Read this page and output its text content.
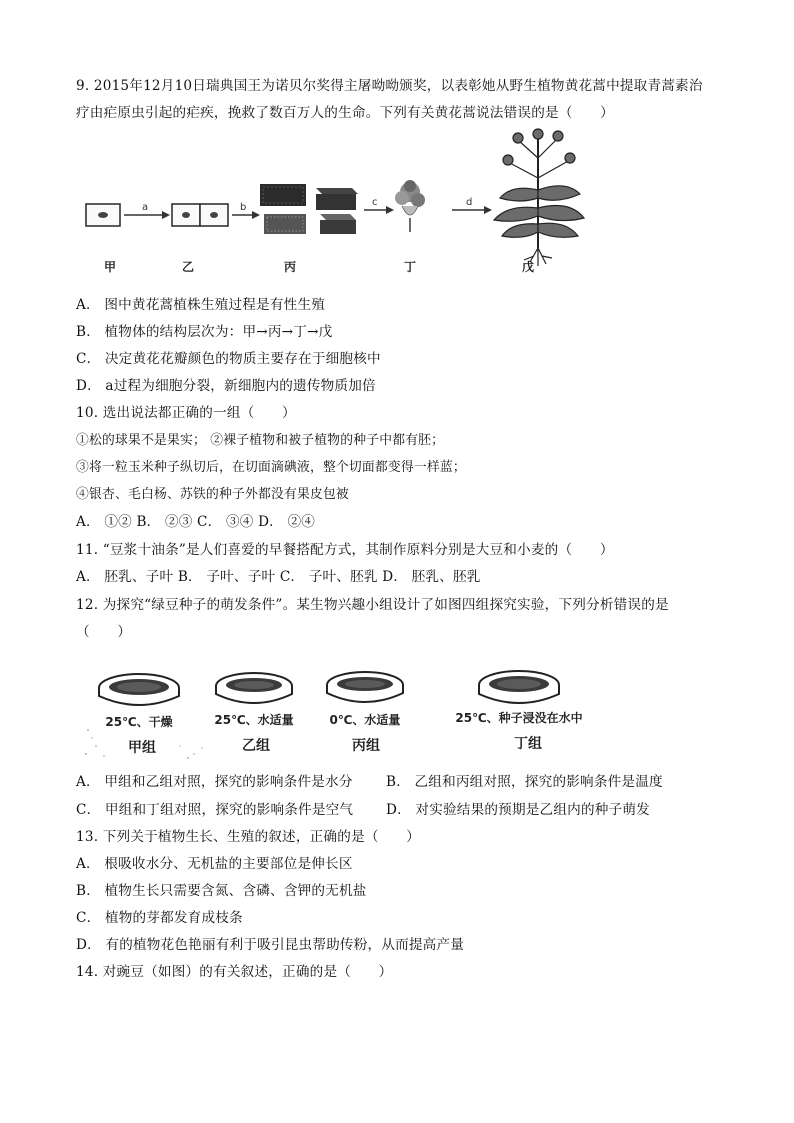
9. 2015年12月10日瑞典国王为诺贝尔奖得主屠呦呦颁奖，以表彰她从野生植物黄花蒿中提取青蒿素治
疗由疟原虫引起的疟疾，挽救了数百万人的生命。下列有关黄花蒿说法错误的是（　　）
a	b	c	d
甲	乙	丙	丁	戊
A． 图中黄花蒿植株生殖过程是有性生殖
B． 植物体的结构层次为：甲→丙→丁→戊
C． 决定黄花花瓣颜色的物质主要存在于细胞核中
D． a过程为细胞分裂，新细胞内的遗传物质加倍
10. 选出说法都正确的一组（　　）
①松的球果不是果实； ②裸子植物和被子植物的种子中都有胚；
③将一粒玉米种子纵切后，在切面滴碘液，整个切面都变得一样蓝；
④银杏、毛白杨、苏铁的种子外都没有果皮包被
A． ①② B． ②③ C． ③④ D． ②④
11. “豆浆十油条”是人们喜爱的早餐搭配方式，其制作原料分别是大豆和小麦的（　　）
A． 胚乳、子叶 B． 子叶、子叶 C． 子叶、胚乳 D． 胚乳、胚乳
12. 为探究“绿豆种子的萌发条件”。某生物兴趣小组设计了如图四组探究实验，下列分析错误的是
（　　）
25℃、干燥	25℃、水适量	0℃、水适量	25℃、种子浸没在水中
甲组	乙组	丙组	丁组
A． 甲组和乙组对照，探究的影响条件是水分 B． 乙组和丙组对照，探究的影响条件是温度
C． 甲组和丁组对照，探究的影响条件是空气 D． 对实验结果的预期是乙组内的种子萌发
13. 下列关于植物生长、生殖的叙述，正确的是（　　）
A． 根吸收水分、无机盐的主要部位是伸长区
B． 植物生长只需要含氮、含磷、含钾的无机盐
C． 植物的芽都发育成枝条
D． 有的植物花色艳丽有利于吸引昆虫帮助传粉，从而提高产量
14. 对豌豆（如图）的有关叙述，正确的是（　　）
